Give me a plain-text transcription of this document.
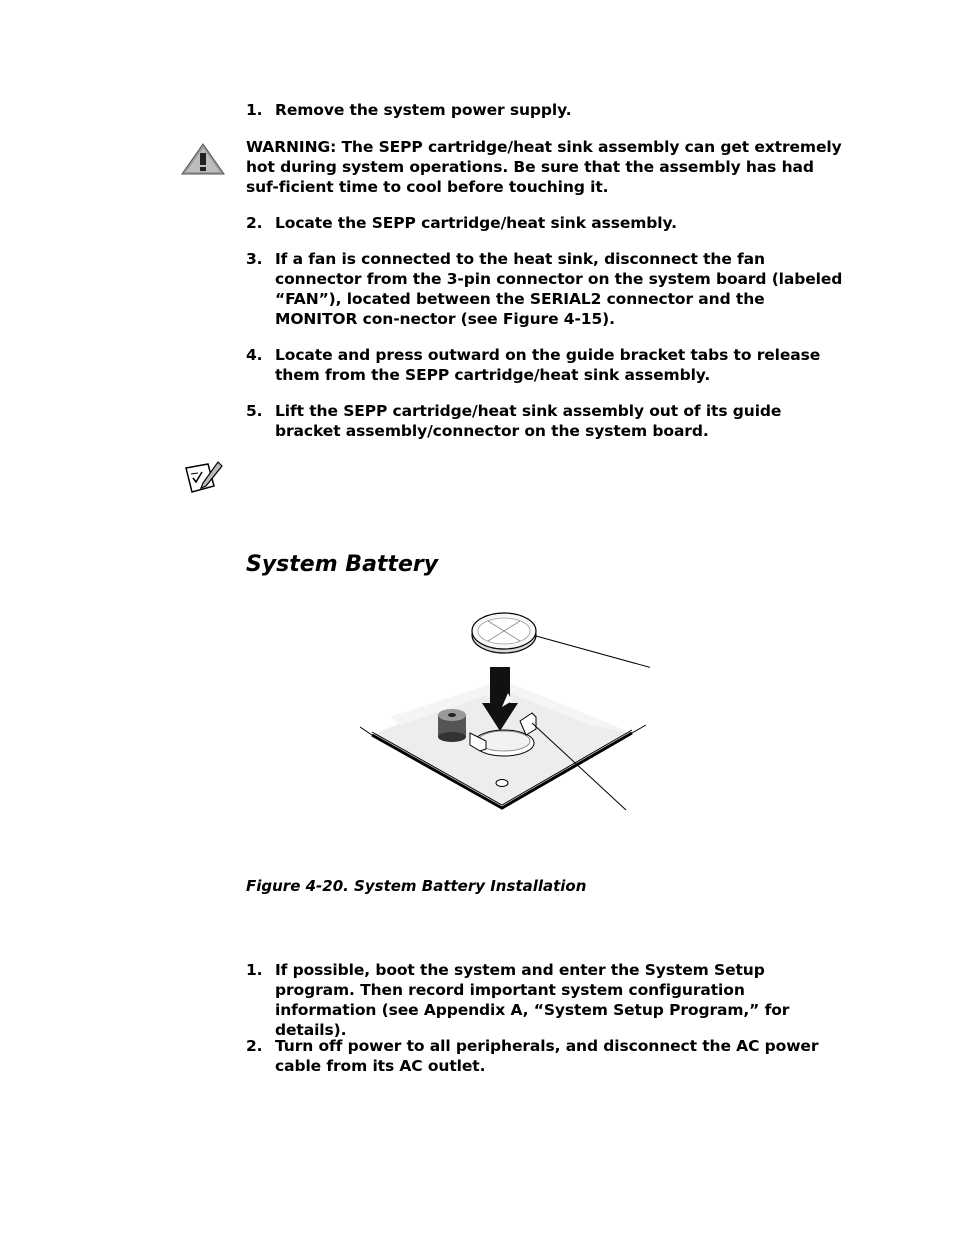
1. Remove the system power supply.
WARNING: The SEPP cartridge/heat sink assembly can get extremely hot during system operations. Be sure that the assembly has had suf-ficient time to cool before touching it.
2. Locate the SEPP cartridge/heat sink assembly.
3. If a fan is connected to the heat sink, disconnect the fan connector from the 3-pin connector on the system board (labeled “FAN”), located between the SERIAL2 connector and the MONITOR con-nector (see Figure 4-15).
4. Locate and press outward on the guide bracket tabs to release them from the SEPP cartridge/heat sink assembly.
5. Lift the SEPP cartridge/heat sink assembly out of its guide bracket assembly/connector on the system board.
System Battery
Figure 4-20. System Battery Installation
1. If possible, boot the system and enter the System Setup program. Then record important system configuration information (see Appendix A, “System Setup Program,” for details).
2. Turn off power to all peripherals, and disconnect the AC power cable from its AC outlet.
